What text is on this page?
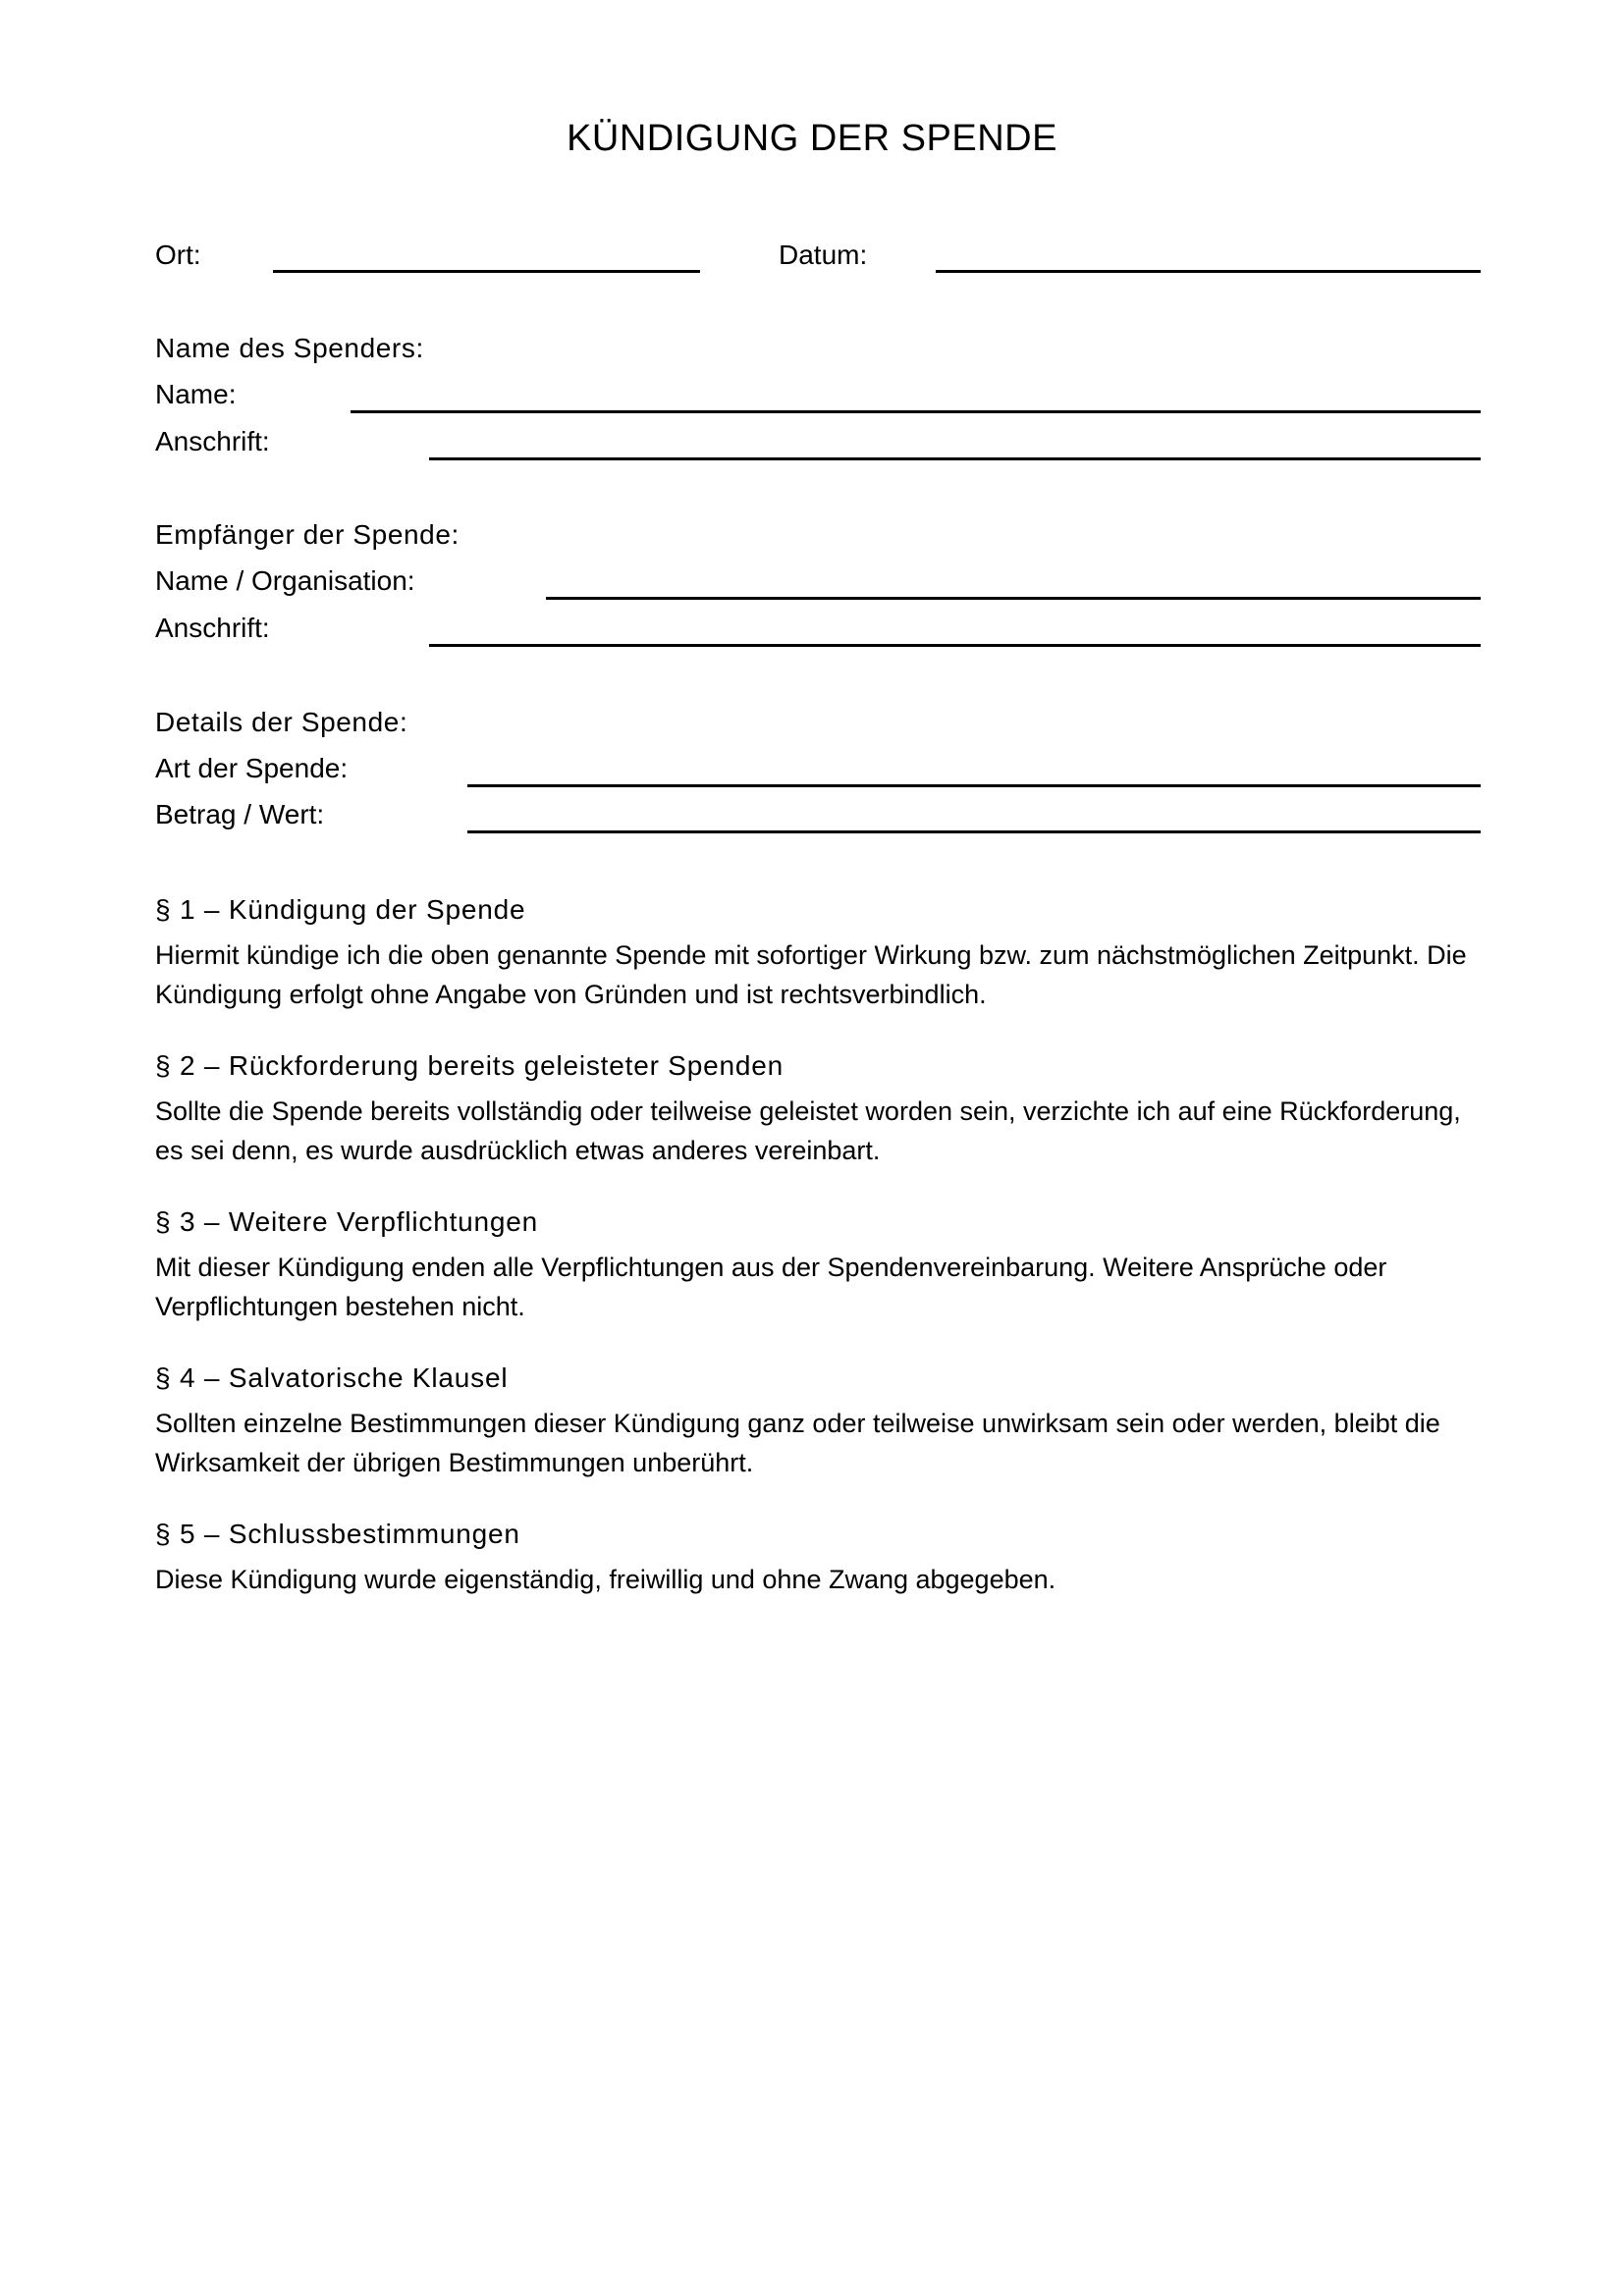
KÜNDIGUNG DER SPENDE
Ort:	Datum:
Name des Spenders:
Name:
Anschrift:
Empfänger der Spende:
Name / Organisation:
Anschrift:
Details der Spende:
Art der Spende:
Betrag / Wert:
§ 1 – Kündigung der Spende
Hiermit kündige ich die oben genannte Spende mit sofortiger Wirkung bzw. zum nächstmöglichen Zeitpunkt. Die Kündigung erfolgt ohne Angabe von Gründen und ist rechtsverbindlich.
§ 2 – Rückforderung bereits geleisteter Spenden
Sollte die Spende bereits vollständig oder teilweise geleistet worden sein, verzichte ich auf eine Rückforderung, es sei denn, es wurde ausdrücklich etwas anderes vereinbart.
§ 3 – Weitere Verpflichtungen
Mit dieser Kündigung enden alle Verpflichtungen aus der Spendenvereinbarung. Weitere Ansprüche oder Verpflichtungen bestehen nicht.
§ 4 – Salvatorische Klausel
Sollten einzelne Bestimmungen dieser Kündigung ganz oder teilweise unwirksam sein oder werden, bleibt die Wirksamkeit der übrigen Bestimmungen unberührt.
§ 5 – Schlussbestimmungen
Diese Kündigung wurde eigenständig, freiwillig und ohne Zwang abgegeben.
